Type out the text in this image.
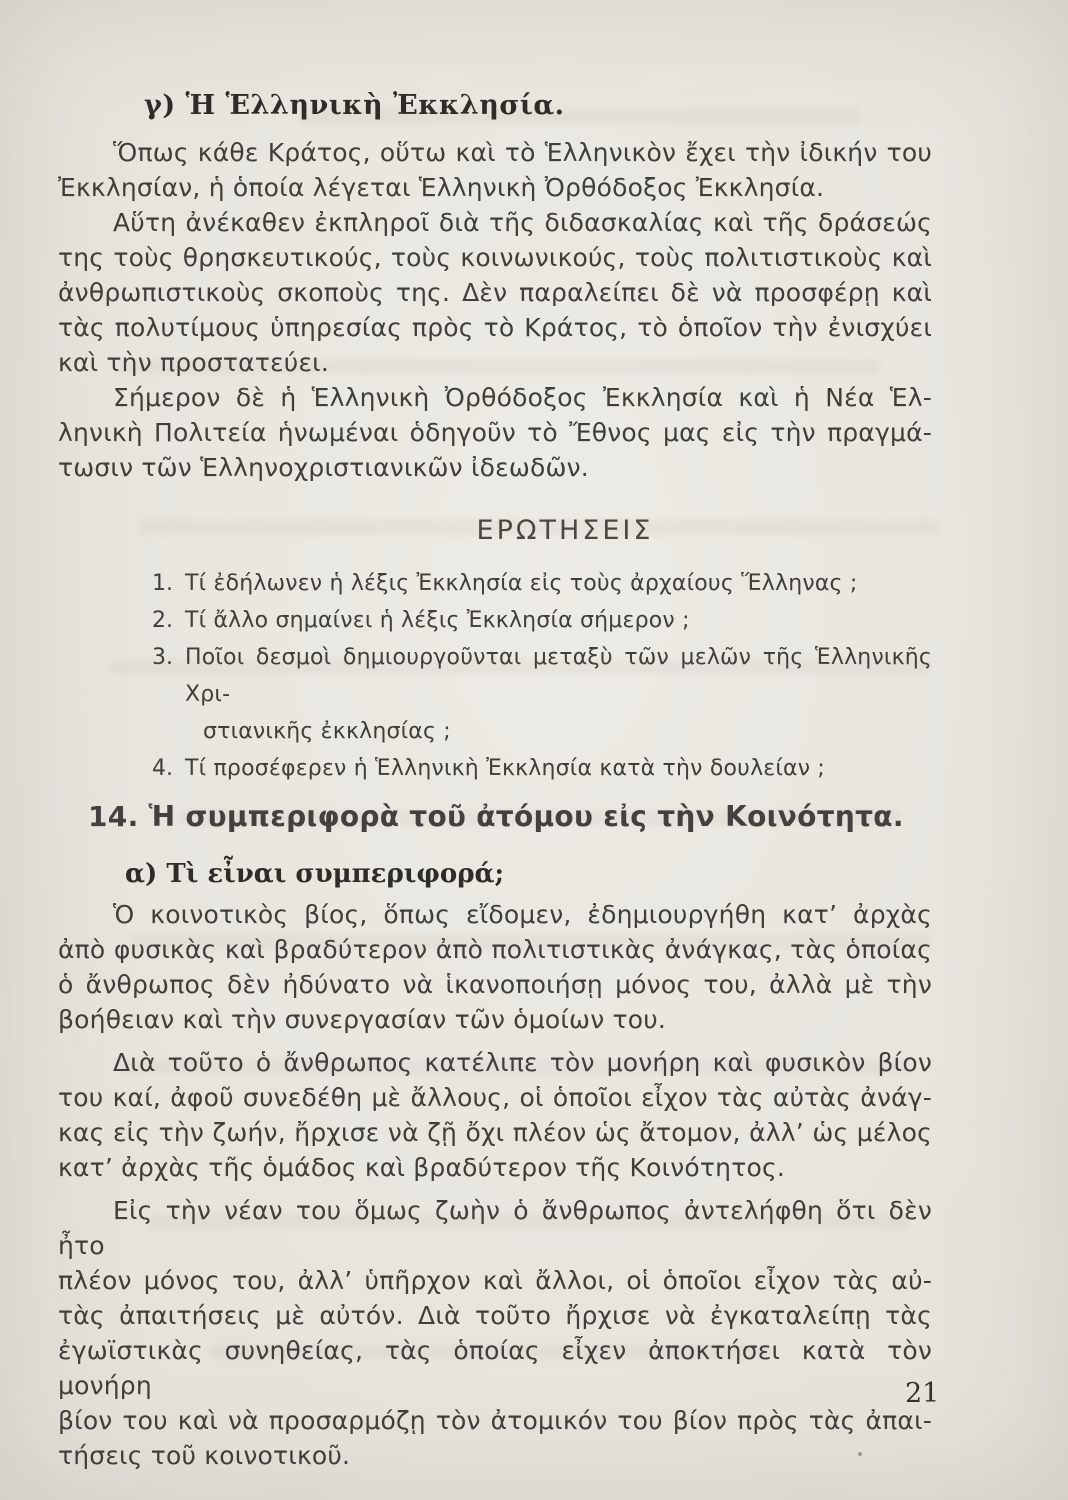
γ) Ἡ Ἑλληνικὴ Ἐκκλησία.
Ὅπως κάθε Κράτος, οὕτω καὶ τὸ Ἑλληνικὸν ἔχει τὴν ἰδικήν του
Ἐκκλησίαν, ἡ ὁποία λέγεται Ἑλληνικὴ Ὀρθόδοξος Ἐκκλησία.
Αὕτη ἀνέκαθεν ἐκπληροῖ διὰ τῆς διδασκαλίας καὶ τῆς δράσεώς
της τοὺς θρησκευτικούς, τοὺς κοινωνικούς, τοὺς πολιτιστικοὺς καὶ
ἀνθρωπιστικοὺς σκοποὺς της. Δὲν παραλείπει δὲ νὰ προσφέρῃ καὶ
τὰς πολυτίμους ὑπηρεσίας πρὸς τὸ Κράτος, τὸ ὁποῖον τὴν ἐνισχύει
καὶ τὴν προστατεύει.
Σήμερον δὲ ἡ Ἑλληνικὴ Ὀρθόδοξος Ἐκκλησία καὶ ἡ Νέα Ἑλ-
ληνικὴ Πολιτεία ἡνωμέναι ὁδηγοῦν τὸ Ἔθνος μας εἰς τὴν πραγμά-
τωσιν τῶν Ἑλληνοχριστιανικῶν ἰδεωδῶν.
ΕΡΩΤΗΣΕΙΣ
1. Τί ἐδήλωνεν ἡ λέξις Ἐκκλησία εἰς τοὺς ἀρχαίους Ἕλληνας ;
2. Τί ἄλλο σημαίνει ἡ λέξις Ἐκκλησία σήμερον ;
3. Ποῖοι δεσμοὶ δημιουργοῦνται μεταξὺ τῶν μελῶν τῆς Ἑλληνικῆς Χρι-
στιανικῆς ἐκκλησίας ;
4. Τί προσέφερεν ἡ Ἑλληνικὴ Ἐκκλησία κατὰ τὴν δουλείαν ;
14. Ἡ συμπεριφορὰ τοῦ ἀτόμου εἰς τὴν Κοινότητα.
α) Τὶ εἶναι συμπεριφορά;
Ὁ κοινοτικὸς βίος, ὅπως εἴδομεν, ἐδημιουργήθη κατ’ ἀρχὰς
ἀπὸ φυσικὰς καὶ βραδύτερον ἀπὸ πολιτιστικὰς ἀνάγκας, τὰς ὁποίας
ὁ ἄνθρωπος δὲν ἠδύνατο νὰ ἱκανοποιήσῃ μόνος του, ἀλλὰ μὲ τὴν
βοήθειαν καὶ τὴν συνεργασίαν τῶν ὁμοίων του.
Διὰ τοῦτο ὁ ἄνθρωπος κατέλιπε τὸν μονήρη καὶ φυσικὸν βίον
του καί, ἀφοῦ συνεδέθη μὲ ἄλλους, οἱ ὁποῖοι εἶχον τὰς αὐτὰς ἀνάγ-
κας εἰς τὴν ζωήν, ἤρχισε νὰ ζῇ ὄχι πλέον ὡς ἄτομον, ἀλλ’ ὡς μέλος
κατ’ ἀρχὰς τῆς ὁμάδος καὶ βραδύτερον τῆς Κοινότητος.
Εἰς τὴν νέαν του ὅμως ζωὴν ὁ ἄνθρωπος ἀντελήφθη ὅτι δὲν ἦτο
πλέον μόνος του, ἀλλ’ ὑπῆρχον καὶ ἄλλοι, οἱ ὁποῖοι εἶχον τὰς αὐ-
τὰς ἀπαιτήσεις μὲ αὐτόν. Διὰ τοῦτο ἤρχισε νὰ ἐγκαταλείπῃ τὰς
ἐγωϊστικὰς συνηθείας, τὰς ὁποίας εἶχεν ἀποκτήσει κατὰ τὸν μονήρη
βίον του καὶ νὰ προσαρμόζῃ τὸν ἀτομικόν του βίον πρὸς τὰς ἀπαι-
τήσεις τοῦ κοινοτικοῦ.
21
